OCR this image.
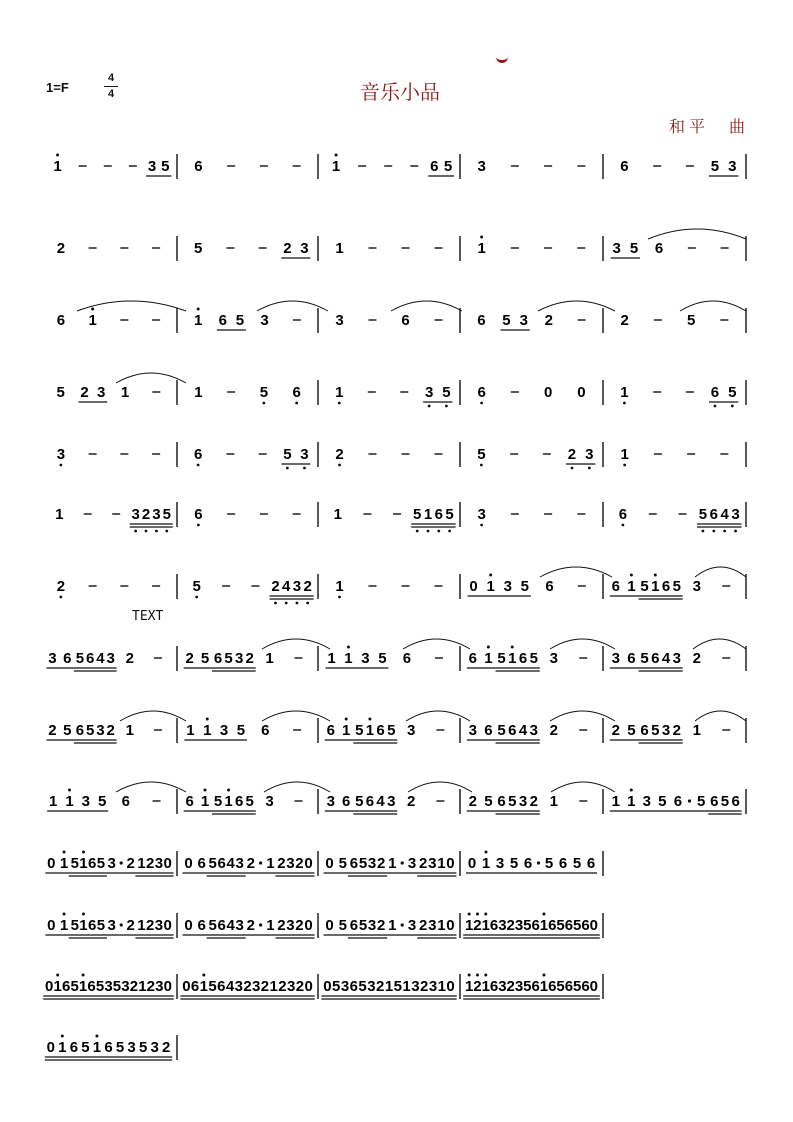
1=F
4
4	音乐小品
和平　曲
TEXT
1	3 5 6	1	6 5 3	6	5 3
2	5	2 3 1	1	3 5 6
6 1	1 6 5 3	3	6	6 5 3 2	2	5
5 2 3 1	1	5 6 1	3 5 6	0 0 1	6 5
3	6	5 3 2	5	2 3 1
1	3 2 3 5 6	1	5 1 6 5 3	6	5 6 4 3
2	5	2 4 3 2 1	0 1 3 5 6	6 1 5 1 6 5 3
3 6 5 6 4 3 2	2 5 6 5 3 2 1	1 1 3 5 6	6 1 5 1 6 5 3	3 6 5 6 4 3 2
2 5 6 5 3 2 1	1 1 3 5 6	6 1 5 1 6 5 3	3 6 5 6 4 3 2	2 5 6 5 3 2 1
1 1 3 5 6	6 1 5 1 6 5 3	3 6 5 6 4 3 2	2 5 6 5 3 2 1	1 1 3 5 6 5 6 5 6
0 1 5 1 6 5 3 2 1 2 3 0 0 6 5 6 4 3 2 1 2 3 2 0 0 5 6 5 3 2 1 3 2 3 1 0 0 1 3 5 6 5 6 5 6
0 1 5 1 6 5 3 2 1 2 3 0 0 6 5 6 4 3 2 1 2 3 2 0 0 5 6 5 3 2 1 3 2 3 1 0 1 2 1 6 3 2 3 5 6 1 6 5 6 5 6 0
0 1 6 5 1 6 5 3 5 3 2 1 2 3 0 0 6 1 5 6 4 3 2 3 2 1 2 3 2 0 0 5 3 6 5 3 2 1 5 1 3 2 3 1 0 1 2 1 6 3 2 3 5 6 1 6 5 6 5 6 0
0 1 6 5 1 6 5 3 5 3 2
